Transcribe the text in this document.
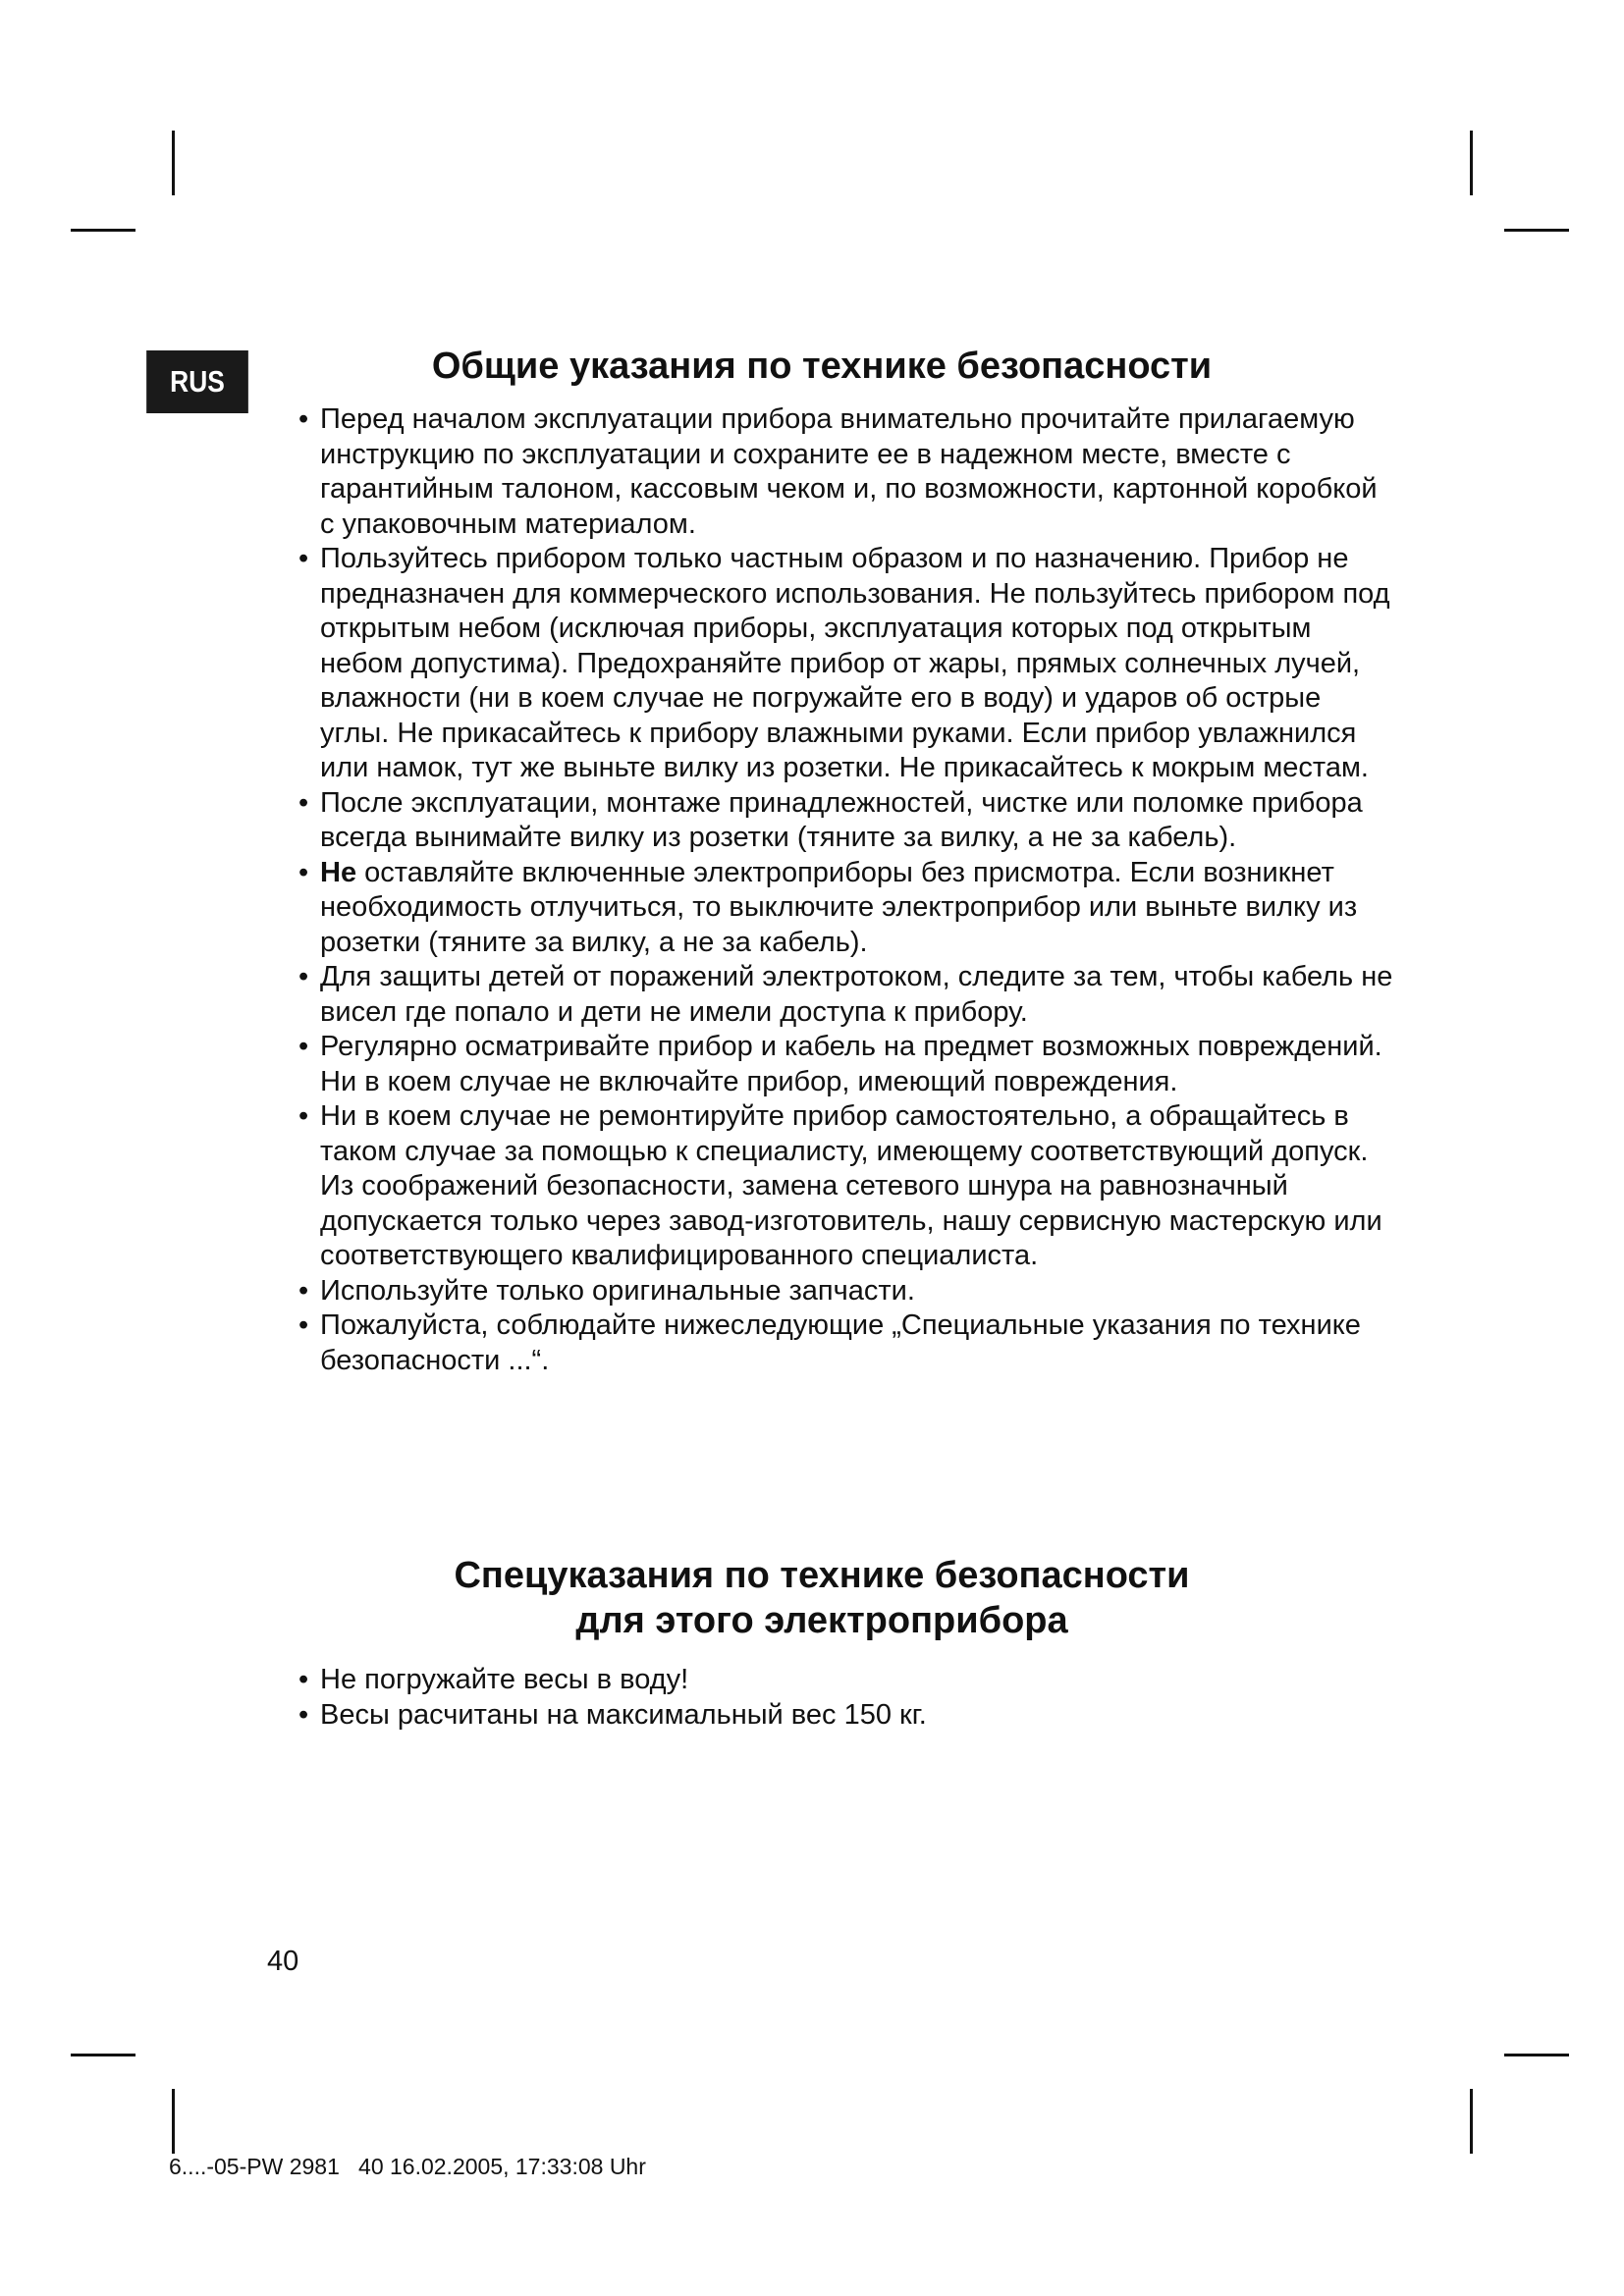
RUS	Общие указания по технике безопасности
• Перед началом эксплуатации прибора внимательно прочитайте прилагаемую инструкцию по эксплуатации и сохраните ее в надежном месте, вместе с гарантийным талоном, кассовым чеком и, по возможности, картонной коробкой с упаковочным материалом.
• Пользуйтесь прибором только частным образом и по назначению. Прибор не предназначен для коммерческого использования. Не пользуйтесь прибором под открытым небом (исключая приборы, эксплуатация которых под открытым небом допустима). Предохраняйте прибор от жары, прямых солнечных лучей, влажности (ни в коем случае не погружайте его в воду) и ударов об острые углы. Не прикасайтесь к прибору влажными руками. Если прибор увлажнился или намок, тут же выньте вилку из розетки. Не прикасайтесь к мокрым местам.
• После эксплуатации, монтаже принадлежностей, чистке или поломке прибора всегда вынимайте вилку из розетки (тяните за вилку, а не за кабель).
• Не оставляйте включенные электроприборы без присмотра. Если возникнет необходимость отлучиться, то выключите электроприбор или выньте вилку из розетки (тяните за вилку, а не за кабель).
• Для защиты детей от поражений электротоком, следите за тем, чтобы кабель не висел где попало и дети не имели доступа к прибору.
• Регулярно осматривайте прибор и кабель на предмет возможных повреждений. Ни в коем случае не включайте прибор, имеющий повреждения.
• Ни в коем случае не ремонтируйте прибор самостоятельно, а обращайтесь в таком случае за помощью к специалисту, имеющему соответствующий допуск. Из соображений безопасности, замена сетевого шнура на равнозначный допускается только через завод-изготовитель, нашу сервисную мастерскую или соответствующего квалифицированного специалиста.
• Используйте только оригинальные запчасти.
• Пожалуйста, соблюдайте нижеследующие „Специальные указания по технике безопасности ...“.
Спецуказания по технике безопасности
для этого электроприбора
• Не погружайте весы в воду!
• Весы расчитаны на максимальный вес 150 кг.
40
6....-05-PW 2981   40 16.02.2005, 17:33:08 Uhr
